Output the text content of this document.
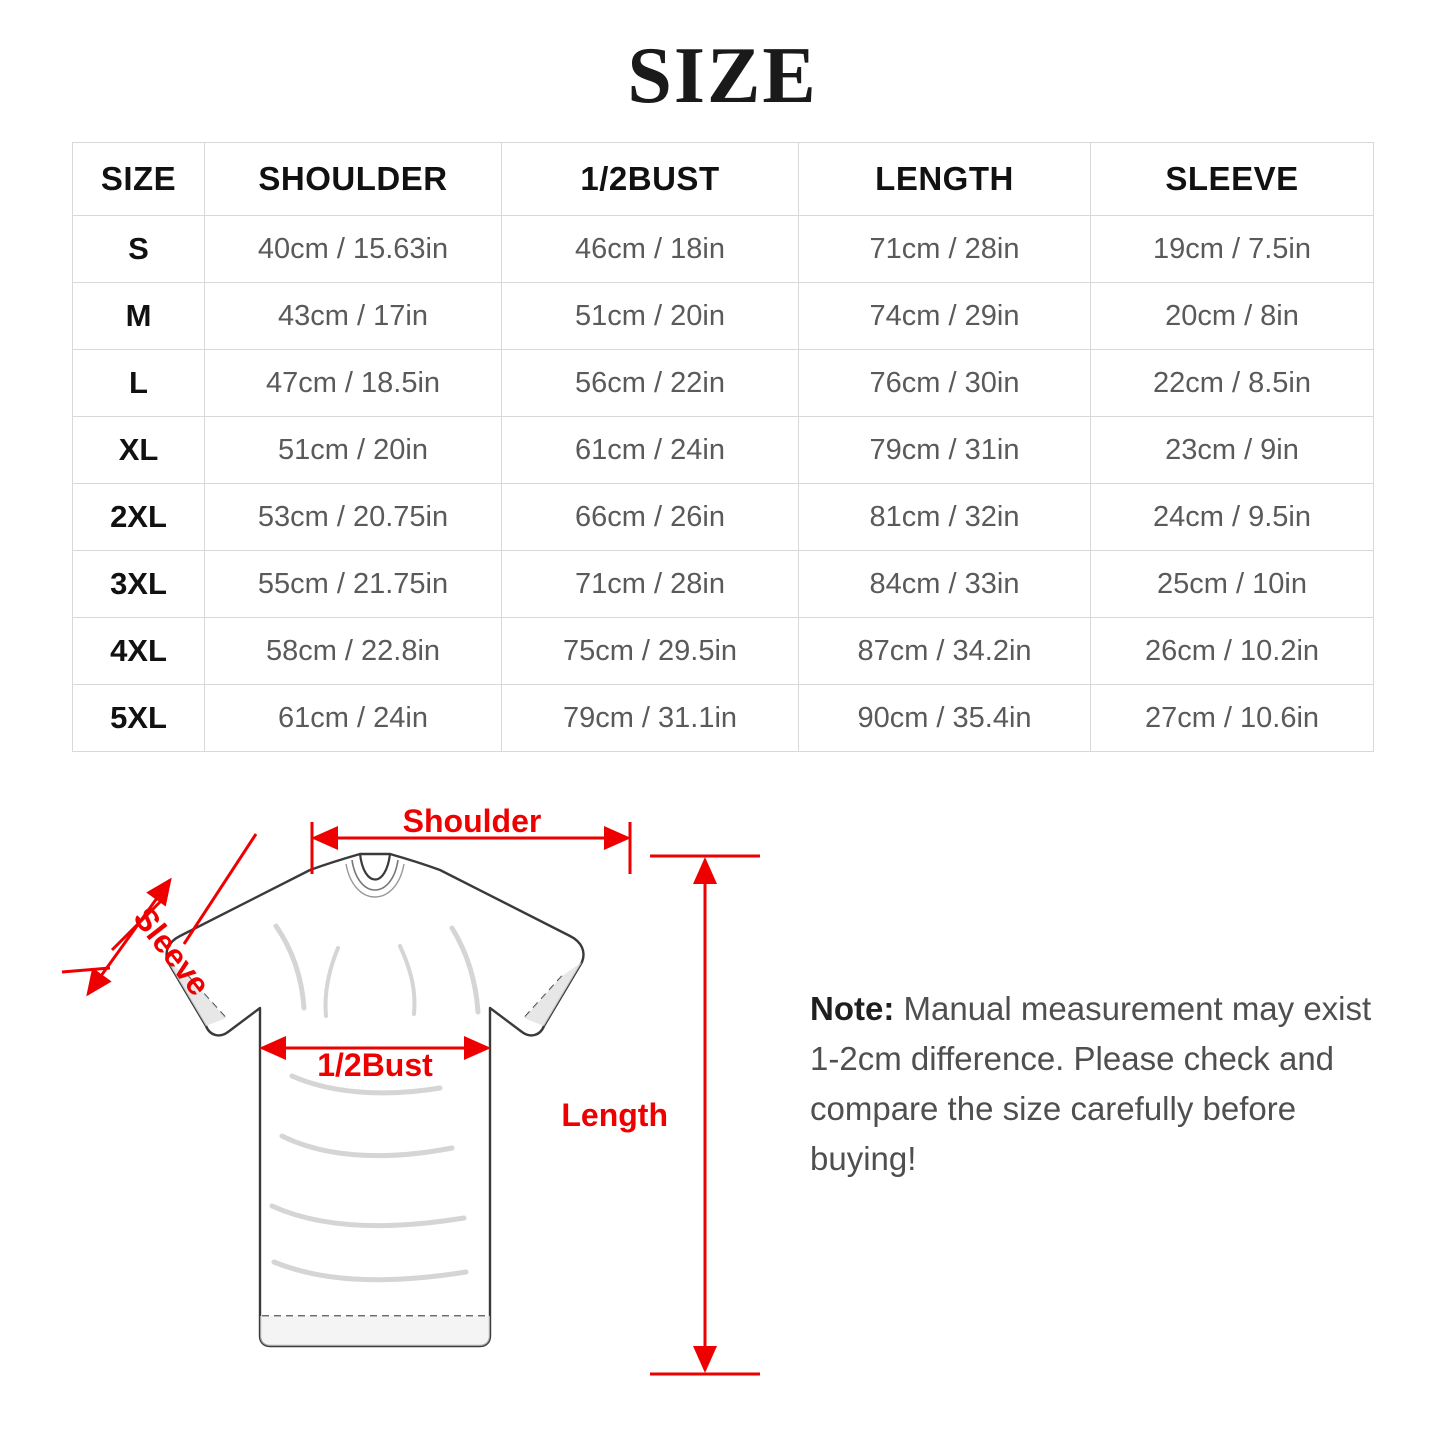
SIZE
SIZE	SHOULDER	1/2BUST	LENGTH	SLEEVE
S	40cm / 15.63in	46cm / 18in	71cm / 28in	19cm / 7.5in
M	43cm / 17in	51cm / 20in	74cm / 29in	20cm / 8in
L	47cm / 18.5in	56cm / 22in	76cm / 30in	22cm / 8.5in
XL	51cm / 20in	61cm / 24in	79cm / 31in	23cm / 9in
2XL	53cm / 20.75in	66cm / 26in	81cm / 32in	24cm / 9.5in
3XL	55cm / 21.75in	71cm / 28in	84cm / 33in	25cm / 10in
4XL	58cm / 22.8in	75cm / 29.5in	87cm / 34.2in	26cm / 10.2in
5XL	61cm / 24in	79cm / 31.1in	90cm / 35.4in	27cm / 10.6in
Shoulder
Sleeve
1/2Bust
Length
Note: Manual measurement may exist 1-2cm difference. Please check and compare the size carefully before buying!
